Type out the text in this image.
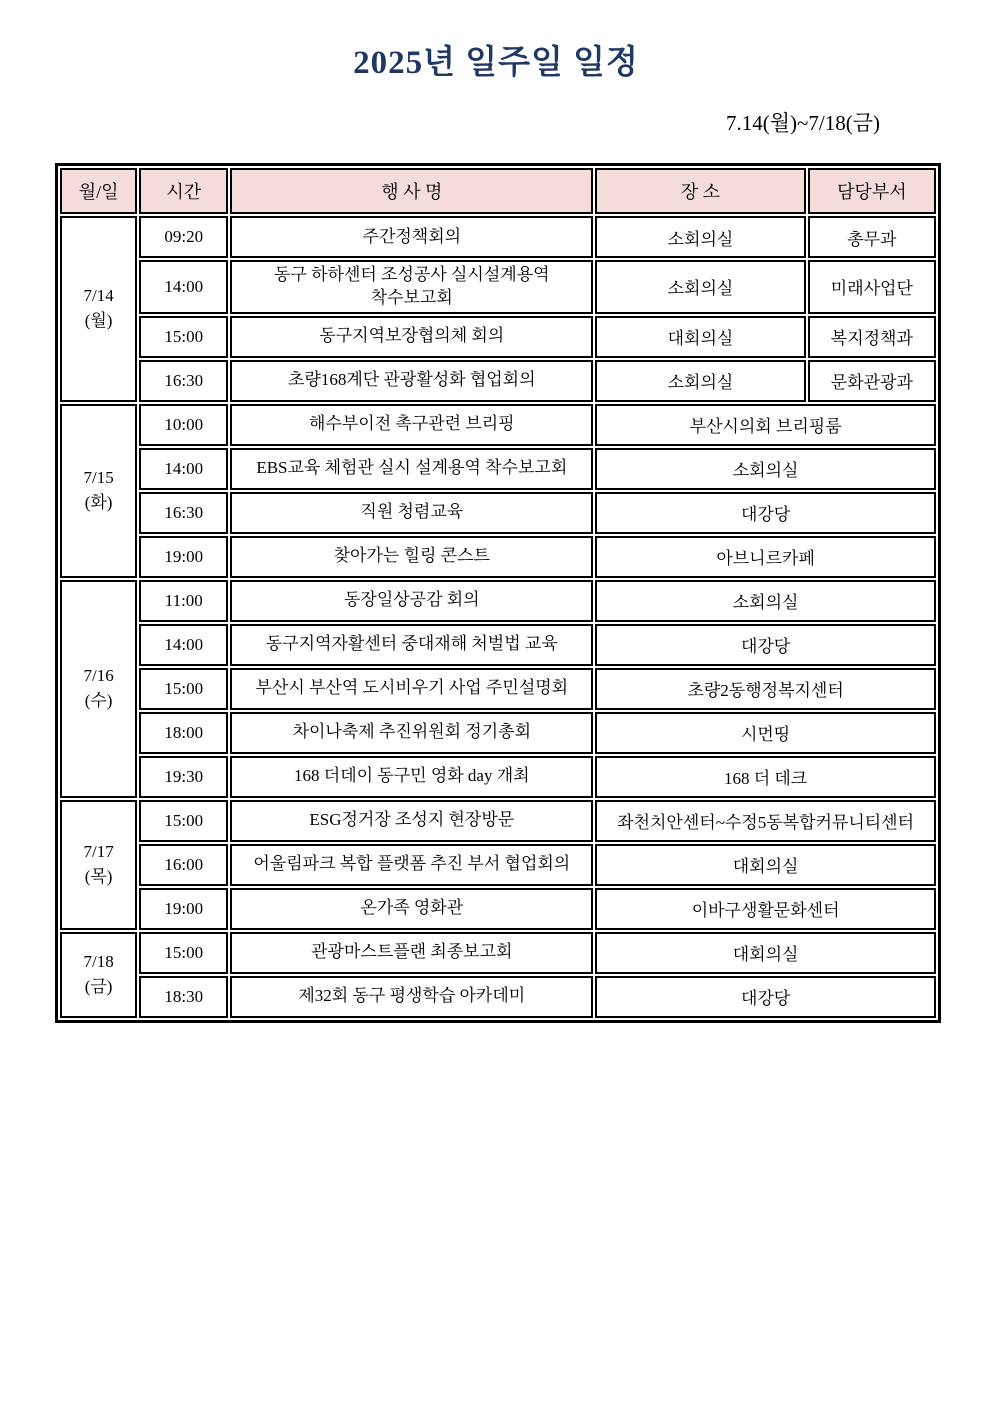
2025년 일주일 일정
7.14(월)~7/18(금)
월/일	시간	행 사 명	장 소	담당부서

7/14
(월)	09:20	주간정책회의	소회의실	총무과
	14:00	동구 하하센터 조성공사 실시설계용역 착수보고회	소회의실	미래사업단
	15:00	동구지역보장협의체 회의	대회의실	복지정책과
	16:30	초량168계단 관광활성화 협업회의	소회의실	문화관광과

7/15
(화)	10:00	해수부이전 촉구관련 브리핑	부산시의회 브리핑룸	
	14:00	EBS교육 체험관 실시 설계용역 착수보고회	소회의실	
	16:30	직원 청렴교육	대강당	
	19:00	찾아가는 힐링 콘스트	아브니르카페	

7/16
(수)	11:00	동장일상공감 회의	소회의실	
	14:00	동구지역자활센터 중대재해 처벌법 교육	대강당	
	15:00	부산시 부산역 도시비우기 사업 주민설명회	초량2동행정복지센터	
	18:00	차이나축제 추진위원회 정기총회	시먼띵	
	19:30	168 더데이 동구민 영화 day 개최	168 더 데크	

7/17
(목)	15:00	ESG정거장 조성지 현장방문	좌천치안센터~수정5동복합커뮤니티센터	
	16:00	어울림파크 복합 플랫폼 추진 부서 협업회의	대회의실	
	19:00	온가족 영화관	이바구생활문화센터	

7/18
(금)	15:00	관광마스트플랜 최종보고회	대회의실	
	18:30	제32회 동구 평생학습 아카데미	대강당	
